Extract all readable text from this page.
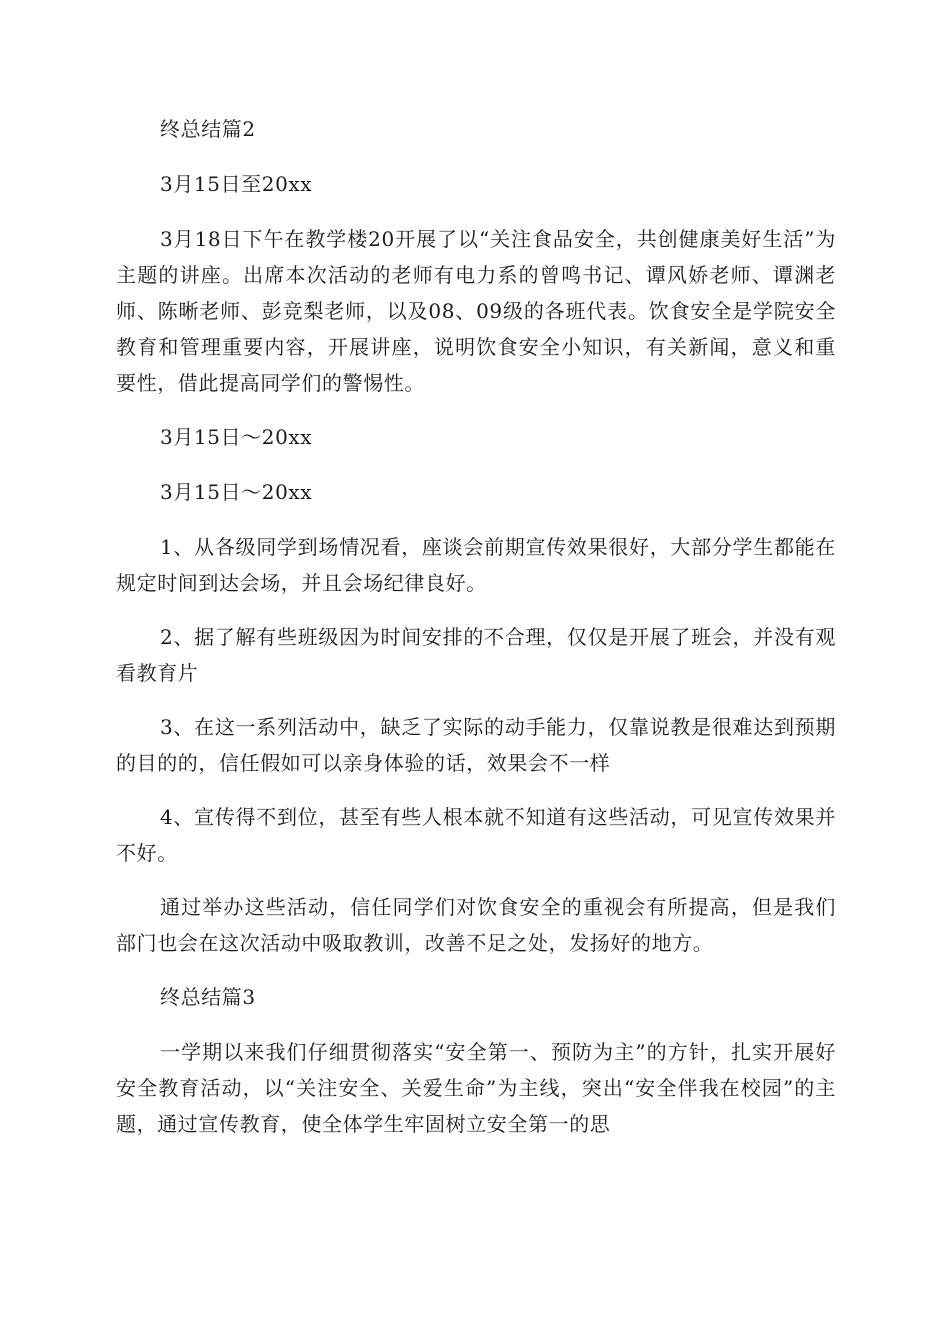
终总结篇2

3月15日至20xx

3月18日下午在教学楼20开展了以“关注食品安全，共创健康美好生活”为主题的讲座。出席本次活动的老师有电力系的曾鸣书记、谭风娇老师、谭渊老师、陈晰老师、彭竞梨老师，以及08、09级的各班代表。饮食安全是学院安全教育和管理重要内容，开展讲座，说明饮食安全小知识，有关新闻，意义和重要性，借此提高同学们的警惕性。

3月15日～20xx

3月15日～20xx

1、从各级同学到场情况看，座谈会前期宣传效果很好，大部分学生都能在规定时间到达会场，并且会场纪律良好。

2、据了解有些班级因为时间安排的不合理，仅仅是开展了班会，并没有观看教育片

3、在这一系列活动中，缺乏了实际的动手能力，仅靠说教是很难达到预期的目的的，信任假如可以亲身体验的话，效果会不一样

4、宣传得不到位，甚至有些人根本就不知道有这些活动，可见宣传效果并不好。

通过举办这些活动，信任同学们对饮食安全的重视会有所提高，但是我们部门也会在这次活动中吸取教训，改善不足之处，发扬好的地方。

终总结篇3

一学期以来我们仔细贯彻落实“安全第一、预防为主”的方针，扎实开展好安全教育活动，以“关注安全、关爱生命”为主线，突出“安全伴我在校园”的主题，通过宣传教育，使全体学生牢固树立安全第一的思
